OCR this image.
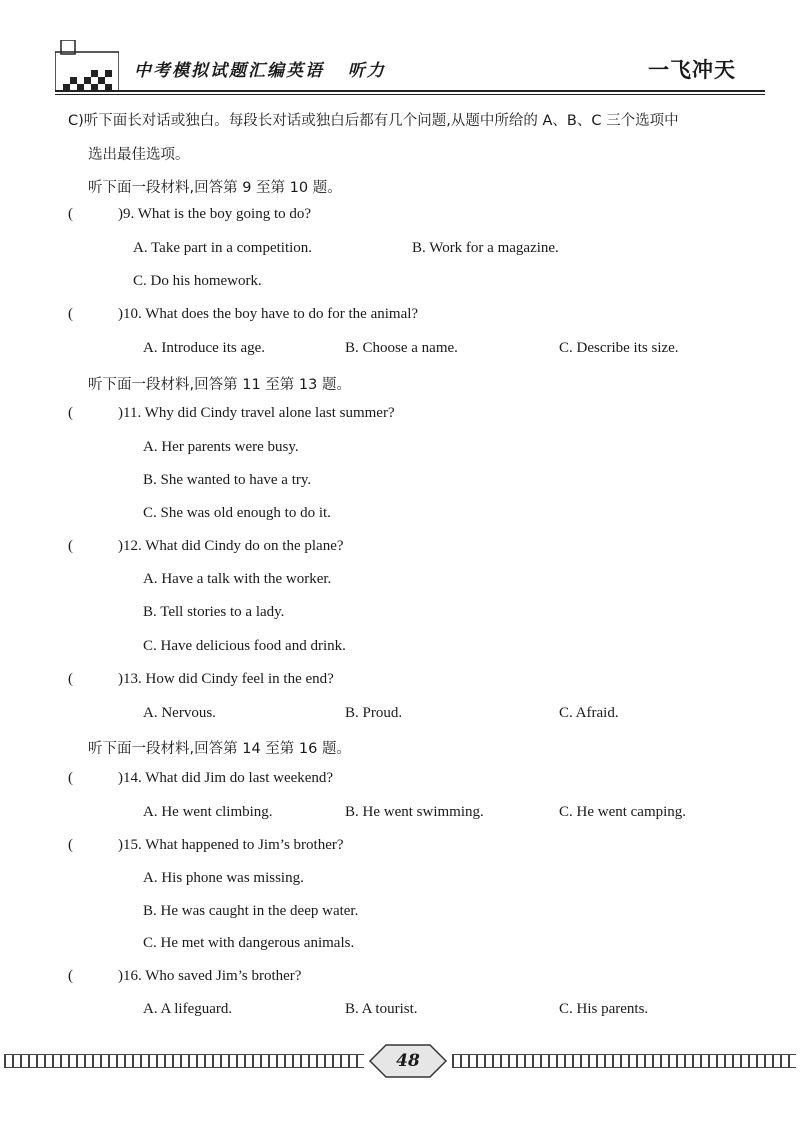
中考模拟试题汇编英语   听力	一飞冲天
C)听下面长对话或独白。每段长对话或独白后都有几个问题,从题中所给的 A、B、C 三个选项中
选出最佳选项。
听下面一段材料,回答第 9 至第 10 题。
(	)9. What is the boy going to do?
A. Take part in a competition.	B. Work for a magazine.
C. Do his homework.
(	)10. What does the boy have to do for the animal?
A. Introduce its age.	B. Choose a name.	C. Describe its size.
听下面一段材料,回答第 11 至第 13 题。
(	)11. Why did Cindy travel alone last summer?
A. Her parents were busy.
B. She wanted to have a try.
C. She was old enough to do it.
(	)12. What did Cindy do on the plane?
A. Have a talk with the worker.
B. Tell stories to a lady.
C. Have delicious food and drink.
(	)13. How did Cindy feel in the end?
A. Nervous.	B. Proud.	C. Afraid.
听下面一段材料,回答第 14 至第 16 题。
(	)14. What did Jim do last weekend?
A. He went climbing.	B. He went swimming.	C. He went camping.
(	)15. What happened to Jim’s brother?
A. His phone was missing.
B. He was caught in the deep water.
C. He met with dangerous animals.
(	)16. Who saved Jim’s brother?
A. A lifeguard.	B. A tourist.	C. His parents.
48
